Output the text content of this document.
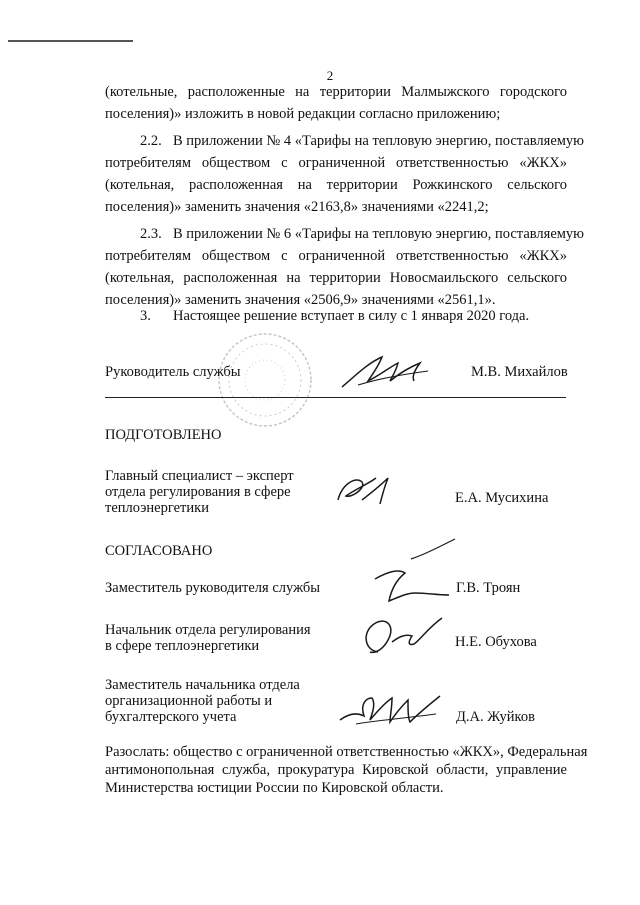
2
(котельные, расположенные на территории Малмыжского городского
поселения)» изложить в новой редакции согласно приложению;
2.2. В приложении № 4 «Тарифы на тепловую энергию, поставляемую
потребителям обществом с ограниченной ответственностью «ЖКХ»
(котельная, расположенная на территории Рожкинского сельского
поселения)» заменить значения «2163,8» значениями «2241,2;
2.3. В приложении № 6 «Тарифы на тепловую энергию, поставляемую
потребителям обществом с ограниченной ответственностью «ЖКХ»
(котельная, расположенная на территории Новосмаильского сельского
поселения)» заменить значения «2506,9» значениями «2561,1».
3. Настоящее решение вступает в силу с 1 января 2020 года.
Руководитель службы	М.В. Михайлов
ПОДГОТОВЛЕНО
Главный специалист – эксперт
отдела регулирования в сфере
теплоэнергетики
Е.А. Мусихина
СОГЛАСОВАНО
Заместитель руководителя службы	Г.В. Троян
Начальник отдела регулирования
в сфере теплоэнергетики	Н.Е. Обухова
Заместитель начальника отдела
организационной работы и
бухгалтерского учета	Д.А. Жуйков
Разослать: общество с ограниченной ответственностью «ЖКХ», Федеральная
антимонопольная служба, прокуратура Кировской области, управление
Министерства юстиции России по Кировской области.
